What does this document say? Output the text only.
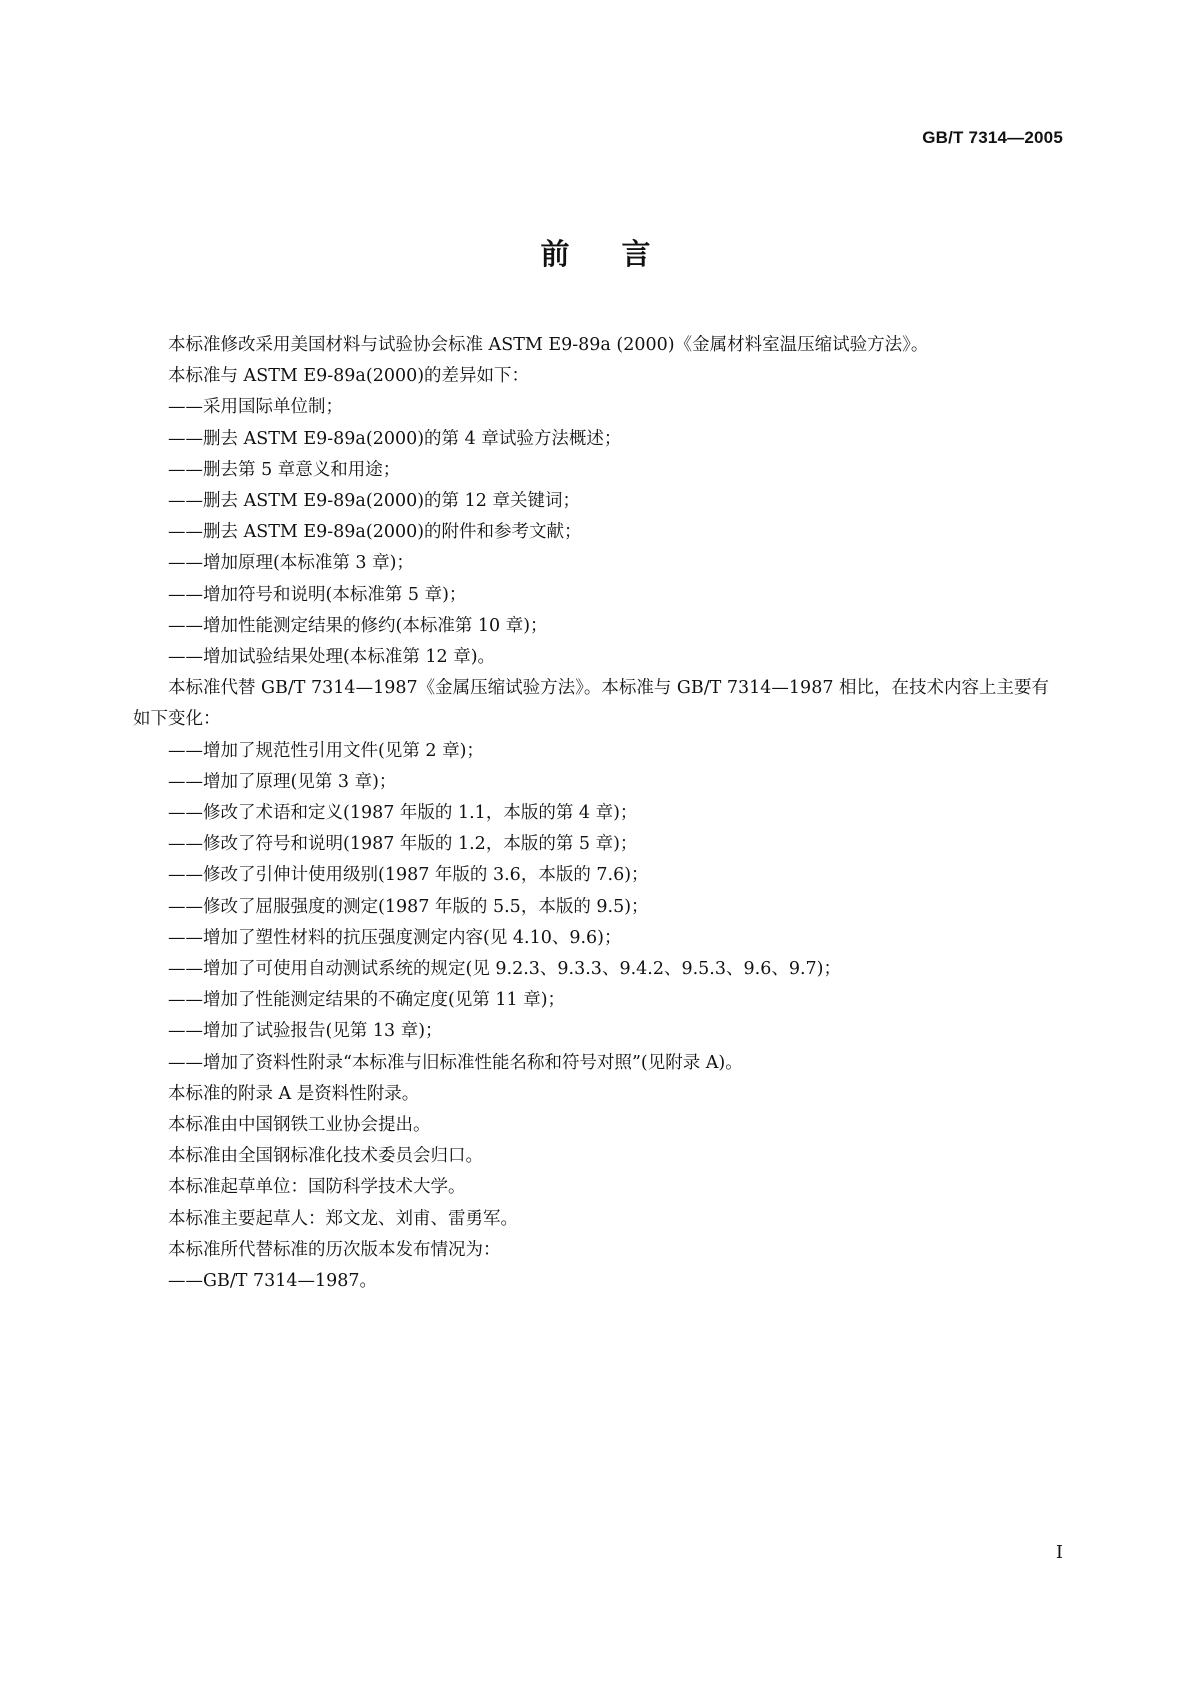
GB/T 7314—2005
前言

本标准修改采用美国材料与试验协会标准 ASTM E9-89a (2000)《金属材料室温压缩试验方法》。

本标准与 ASTM E9-89a(2000)的差异如下：

——采用国际单位制；

——删去 ASTM E9-89a(2000)的第 4 章试验方法概述；

——删去第 5 章意义和用途；

——删去 ASTM E9-89a(2000)的第 12 章关键词；

——删去 ASTM E9-89a(2000)的附件和参考文献；

——增加原理(本标准第 3 章)；

——增加符号和说明(本标准第 5 章)；

——增加性能测定结果的修约(本标准第 10 章)；

——增加试验结果处理(本标准第 12 章)。

本标准代替 GB/T 7314—1987《金属压缩试验方法》。本标准与 GB/T 7314—1987 相比，在技术内容上主要有如下变化：

——增加了规范性引用文件(见第 2 章)；

——增加了原理(见第 3 章)；

——修改了术语和定义(1987 年版的 1.1，本版的第 4 章)；

——修改了符号和说明(1987 年版的 1.2，本版的第 5 章)；

——修改了引伸计使用级别(1987 年版的 3.6，本版的 7.6)；

——修改了屈服强度的测定(1987 年版的 5.5，本版的 9.5)；

——增加了塑性材料的抗压强度测定内容(见 4.10、9.6)；

——增加了可使用自动测试系统的规定(见 9.2.3、9.3.3、9.4.2、9.5.3、9.6、9.7)；

——增加了性能测定结果的不确定度(见第 11 章)；

——增加了试验报告(见第 13 章)；

——增加了资料性附录“本标准与旧标准性能名称和符号对照”(见附录 A)。

本标准的附录 A 是资料性附录。

本标准由中国钢铁工业协会提出。

本标准由全国钢标准化技术委员会归口。

本标准起草单位：国防科学技术大学。

本标准主要起草人：郑文龙、刘甫、雷勇军。

本标准所代替标准的历次版本发布情况为：

——GB/T 7314—1987。

I
